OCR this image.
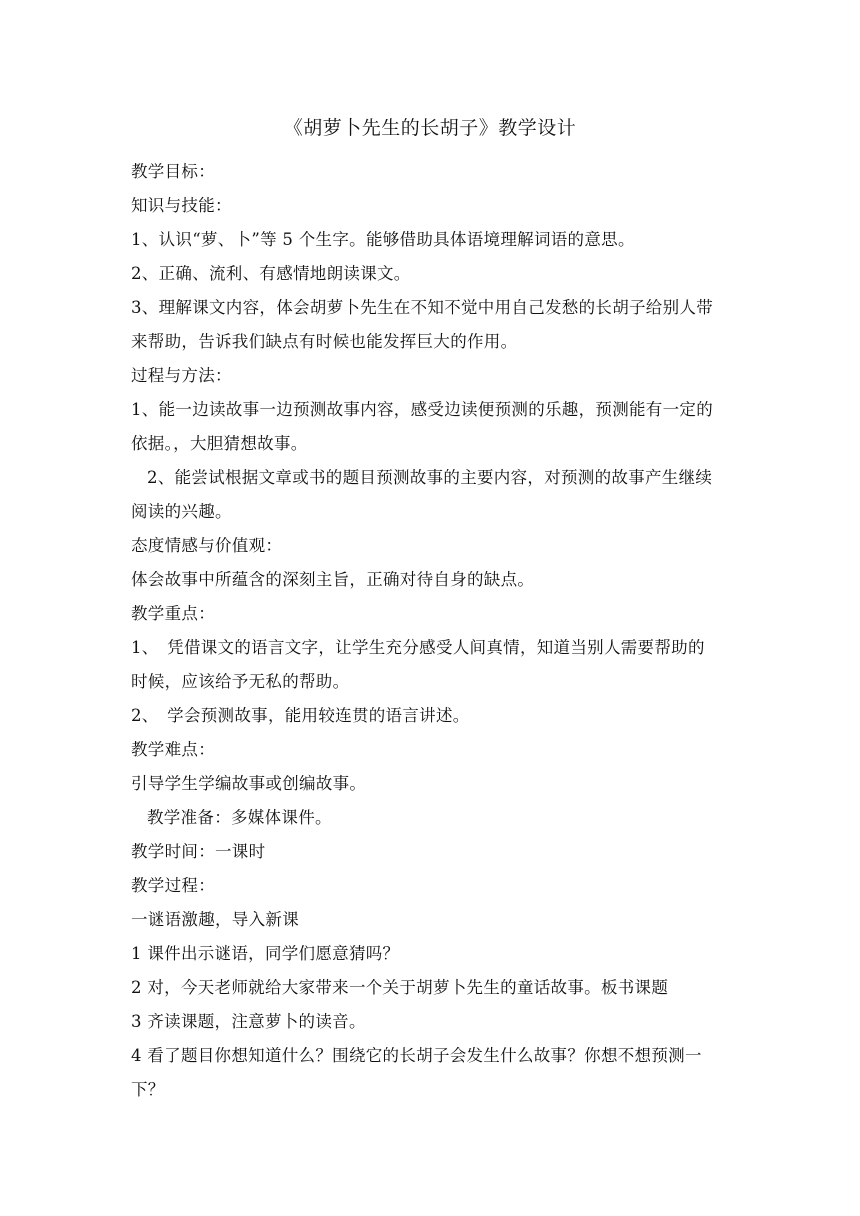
《胡萝卜先生的长胡子》教学设计
教学目标：
知识与技能：
1、认识“萝、卜”等 5 个生字。能够借助具体语境理解词语的意思。
2、正确、流利、有感情地朗读课文。
3、理解课文内容，体会胡萝卜先生在不知不觉中用自己发愁的长胡子给别人带
来帮助，告诉我们缺点有时候也能发挥巨大的作用。
过程与方法：
1、能一边读故事一边预测故事内容，感受边读便预测的乐趣，预测能有一定的
依据。，大胆猜想故事。
2、能尝试根据文章或书的题目预测故事的主要内容，对预测的故事产生继续
阅读的兴趣。
态度情感与价值观：
体会故事中所蕴含的深刻主旨，正确对待自身的缺点。
教学重点：
1、　凭借课文的语言文字，让学生充分感受人间真情，知道当别人需要帮助的
时候，应该给予无私的帮助。
2、　学会预测故事，能用较连贯的语言讲述。
教学难点：
引导学生学编故事或创编故事。
教学准备：多媒体课件。
教学时间：一课时
教学过程：
一谜语激趣，导入新课
1 课件出示谜语，同学们愿意猜吗？
2 对，今天老师就给大家带来一个关于胡萝卜先生的童话故事。板书课题
3 齐读课题，注意萝卜的读音。
4 看了题目你想知道什么？围绕它的长胡子会发生什么故事？你想不想预测一
下？
